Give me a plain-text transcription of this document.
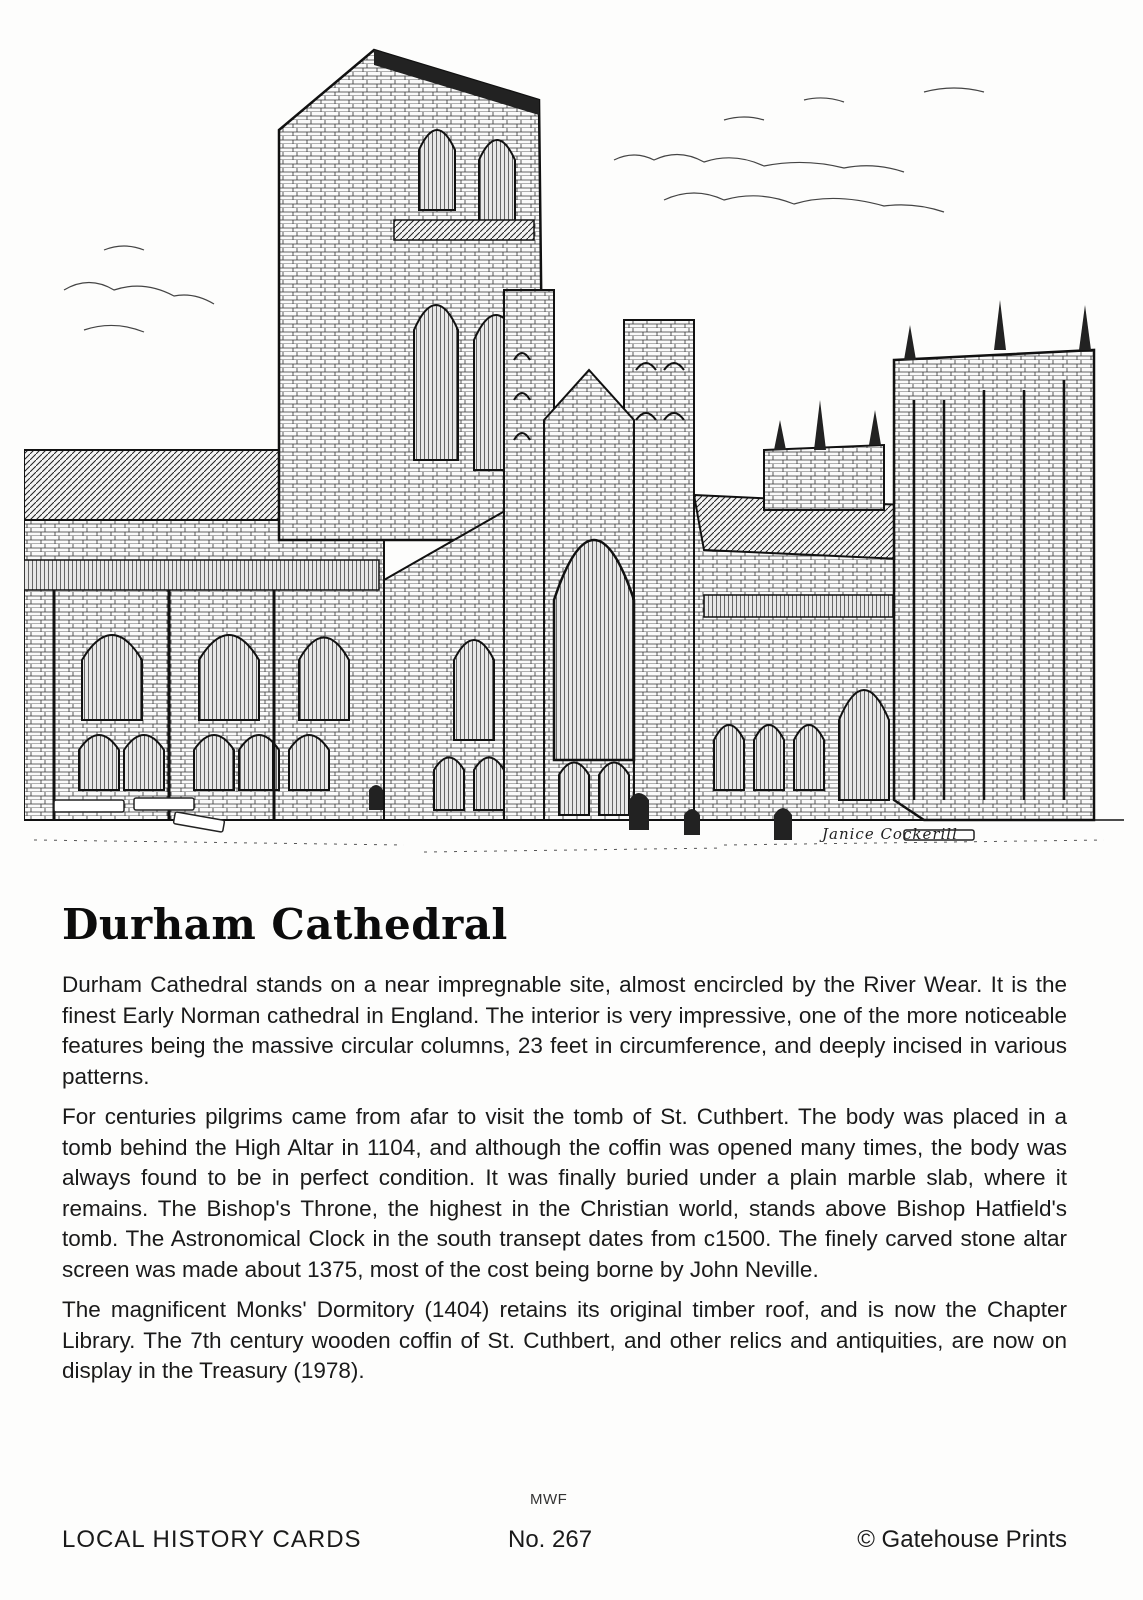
Janice Cockerill
Durham Cathedral

Durham Cathedral stands on a near impregnable site, almost encircled by the River Wear. It is the finest Early Norman cathedral in England. The interior is very impressive, one of the more noticeable features being the massive circular columns, 23 feet in circumference, and deeply incised in various patterns.

For centuries pilgrims came from afar to visit the tomb of St. Cuthbert. The body was placed in a tomb behind the High Altar in 1104, and although the coffin was opened many times, the body was always found to be in perfect condition. It was finally buried under a plain marble slab, where it remains. The Bishop's Throne, the highest in the Christian world, stands above Bishop Hatfield's tomb. The Astronomical Clock in the south transept dates from c1500. The finely carved stone altar screen was made about 1375, most of the cost being borne by John Neville.

The magnificent Monks' Dormitory (1404) retains its original timber roof, and is now the Chapter Library. The 7th century wooden coffin of St. Cuthbert, and other relics and antiquities, are now on display in the Treasury (1978).

MWF
LOCAL HISTORY CARDS	No. 267	© Gatehouse Prints
